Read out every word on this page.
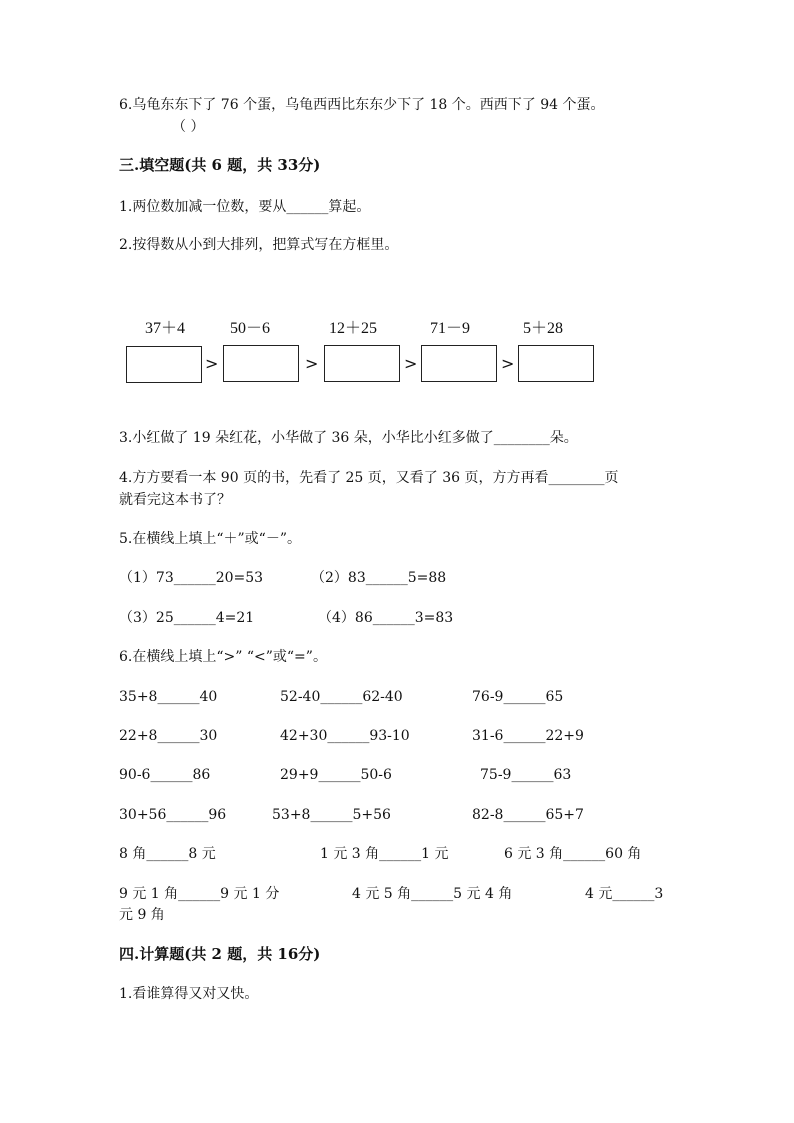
6.乌龟东东下了 76 个蛋，乌龟西西比东东少下了 18 个。西西下了 94 个蛋。
（ ）
三.填空题(共 6 题，共 33分)
1.两位数加减一位数，要从______算起。
2.按得数从小到大排列，把算式写在方框里。
37＋4	50－6	12＋25	71－9	5＋28
>	>	>	>
3.小红做了 19 朵红花，小华做了 36 朵，小华比小红多做了________朵。
4.方方要看一本 90 页的书，先看了 25 页，又看了 36 页，方方再看________页
就看完这本书了？
5.在横线上填上“＋”或“－”。
（1）73______20=53	（2）83______5=88
（3）25______4=21	（4）86______3=83
6.在横线上填上“>” “<”或“=”。
35+8______40	52-40______62-40	76-9______65
22+8______30	42+30______93-10	31-6______22+9
90-6______86	29+9______50-6	75-9______63
30+56______96	53+8______5+56	82-8______65+7
8 角______8 元	1 元 3 角______1 元	6 元 3 角______60 角
9 元 1 角______9 元 1 分	4 元 5 角______5 元 4 角	4 元______3
元 9 角
四.计算题(共 2 题，共 16分)
1.看谁算得又对又快。
